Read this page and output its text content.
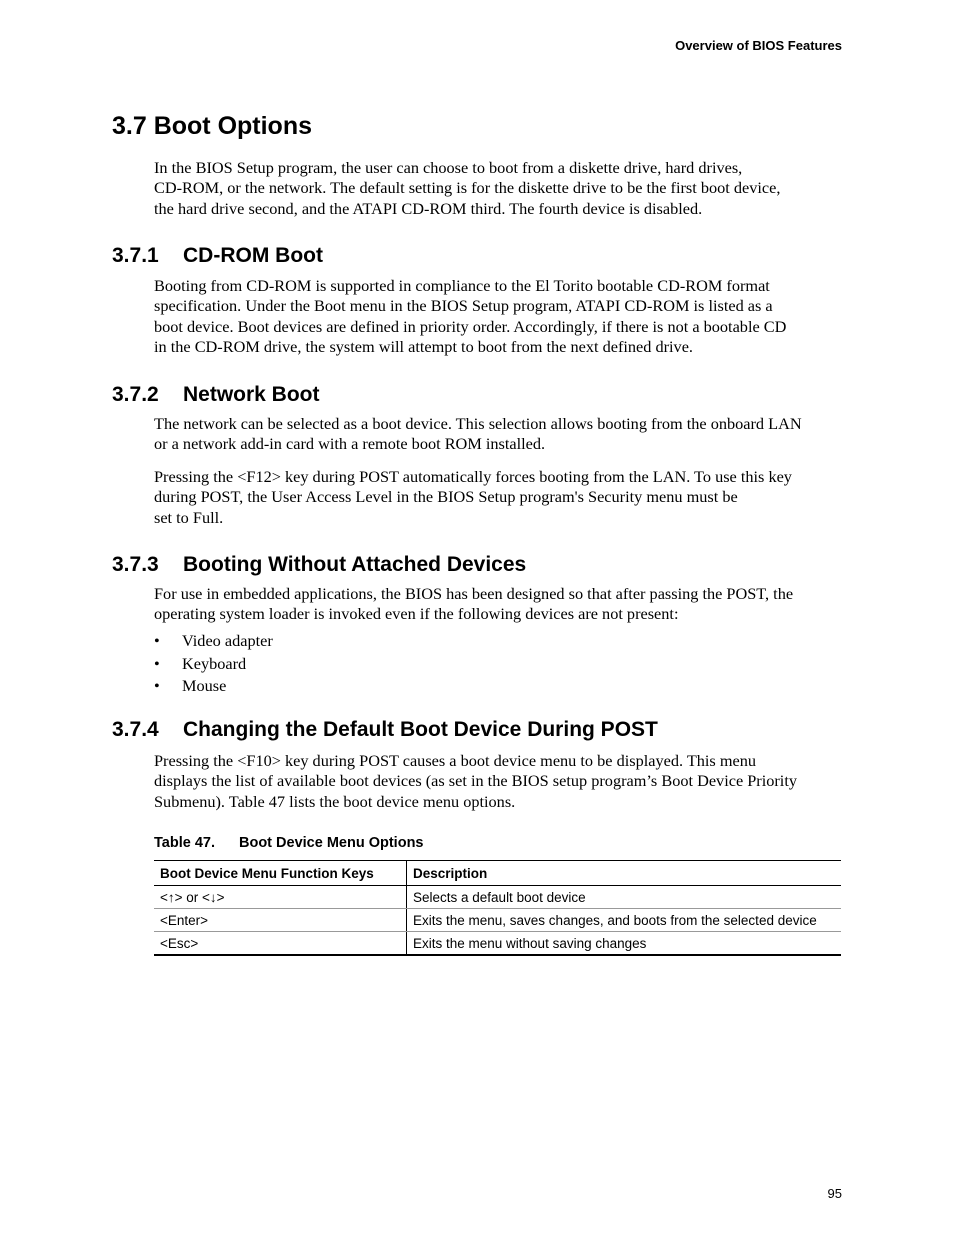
Overview of BIOS Features
3.7 Boot Options

In the BIOS Setup program, the user can choose to boot from a diskette drive, hard drives,
CD-ROM, or the network. The default setting is for the diskette drive to be the first boot device,
the hard drive second, and the ATAPI CD-ROM third. The fourth device is disabled.

3.7.1 CD-ROM Boot

Booting from CD-ROM is supported in compliance to the El Torito bootable CD-ROM format
specification. Under the Boot menu in the BIOS Setup program, ATAPI CD-ROM is listed as a
boot device. Boot devices are defined in priority order. Accordingly, if there is not a bootable CD
in the CD-ROM drive, the system will attempt to boot from the next defined drive.

3.7.2 Network Boot

The network can be selected as a boot device. This selection allows booting from the onboard LAN
or a network add-in card with a remote boot ROM installed.

Pressing the <F12> key during POST automatically forces booting from the LAN. To use this key
during POST, the User Access Level in the BIOS Setup program's Security menu must be
set to Full.

3.7.3 Booting Without Attached Devices

For use in embedded applications, the BIOS has been designed so that after passing the POST, the
operating system loader is invoked even if the following devices are not present:

• Video adapter
• Keyboard
• Mouse
3.7.4 Changing the Default Boot Device During POST

Pressing the <F10> key during POST causes a boot device menu to be displayed. This menu
displays the list of available boot devices (as set in the BIOS setup program’s Boot Device Priority
Submenu). Table 47 lists the boot device menu options.

Table 47. Boot Device Menu Options
Boot Device Menu Function Keys	Description
<↑> or <↓>	Selects a default boot device
<Enter>	Exits the menu, saves changes, and boots from the selected device
<Esc>	Exits the menu without saving changes
95
